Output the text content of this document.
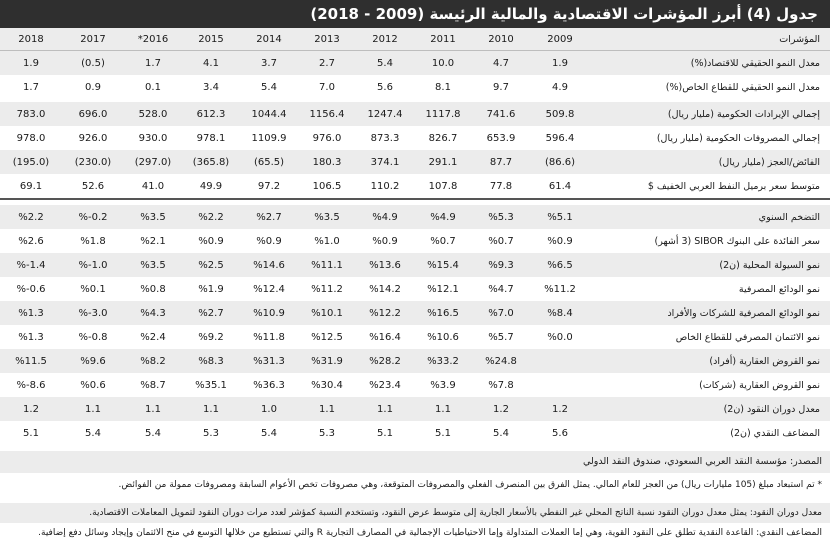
جدول (4) أبرز المؤشرات الاقتصادية والمالية الرئيسة (2009 - 2018)
المؤشرات	2009	2010	2011	2012	2013	2014	2015	*2016	2017	2018
معدل النمو الحقيقي للاقتصاد(%)	1.9	4.7	10.0	5.4	2.7	3.7	4.1	1.7	(0.5)	1.9
معدل النمو الحقيقي للقطاع الخاص(%)	4.9	9.7	8.1	5.6	7.0	5.4	3.4	0.1	0.9	1.7

إجمالي الإيرادات الحكومية (مليار ريال)	509.8	741.6	1117.8	1247.4	1156.4	1044.4	612.3	528.0	696.0	783.0
إجمالي المصروفات الحكومية (مليار ريال)	596.4	653.9	826.7	873.3	976.0	1109.9	978.1	930.0	926.0	978.0
الفائض/العجز (مليار ريال)	(86.6)	87.7	291.1	374.1	180.3	(65.5)	(365.8)	(297.0)	(230.0)	(195.0)
متوسط سعر برميل النفط العربي الخفيف $	61.4	77.8	107.8	110.2	106.5	97.2	49.9	41.0	52.6	69.1

التضخم السنوي	%5.1	%5.3	%4.9	%4.9	%3.5	%2.7	%2.2	%3.5	%-0.2	%2.2
سعر الفائدة على البنوك SIBOR (3 أشهر)	%0.9	%0.7	%0.7	%0.9	%1.0	%0.9	%0.9	%2.1	%1.8	%2.6
نمو السيولة المحلية (ن2)	%6.5	%9.3	%15.4	%13.6	%11.1	%14.6	%2.5	%3.5	%-1.0	%-1.4
نمو الودائع المصرفية	%11.2	%4.7	%12.1	%14.2	%11.2	%12.4	%1.9	%0.8	%0.1	%-0.6
نمو الودائع المصرفية للشركات والأفراد	%8.4	%7.0	%16.5	%12.2	%10.1	%10.9	%2.7	%4.3	%-3.0	%1.3
نمو الائتمان المصرفي للقطاع الخاص	%0.0	%5.7	%10.6	%16.4	%12.5	%11.8	%9.2	%2.4	%-0.8	%1.3
نمو القروض العقارية (أفراد)		%24.8	%33.2	%28.2	%31.9	%31.3	%8.3	%8.2	%9.6	%11.5
نمو القروض العقارية (شركات)		%7.8	%3.9	%23.4	%30.4	%36.3	%35.1	%8.7	%0.6	%-8.6
معدل دوران النقود (ن2)	1.2	1.2	1.1	1.1	1.1	1.0	1.1	1.1	1.1	1.2
المضاعف النقدي (ن2)	5.6	5.4	5.1	5.1	5.3	5.4	5.3	5.4	5.4	5.1
المصدر: مؤسسة النقد العربي السعودي، صندوق النقد الدولي
* تم استبعاد مبلغ (105 مليارات ريال) من العجز للعام المالي. يمثل الفرق بين المنصرف الفعلي والمصروفات المتوقعة، وهي مصروفات تخص الأعوام السابقة ومصروفات ممولة من الفوائض.
معدل دوران النقود: يمثل معدل دوران النقود نسبة الناتج المحلي غير النفطي بالأسعار الجارية إلى متوسط عرض النقود، وتستخدم النسبة كمؤشر لعدد مرات دوران النقود لتمويل المعاملات الاقتصادية.
المضاعف النقدي: القاعدة النقدية تطلق على النقود القوية، وهي إما العملات المتداولة وإما الاحتياطيات الإجمالية في المصارف التجارية R والتي تستطيع من خلالها التوسع في منح الائتمان وإيجاد وسائل دفع إضافية.
